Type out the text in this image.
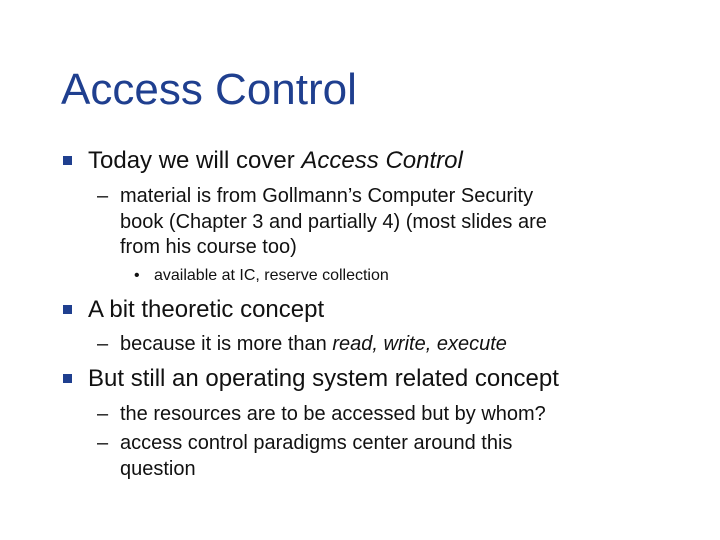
Access Control
Today we will cover Access Control
– material is from Gollmann’s Computer Security
book (Chapter 3 and partially 4) (most slides are
from his course too)
• available at IC, reserve collection
A bit theoretic concept
– because it is more than read, write, execute
But still an operating system related concept
– the resources are to be accessed but by whom?
– access control paradigms center around this
question
